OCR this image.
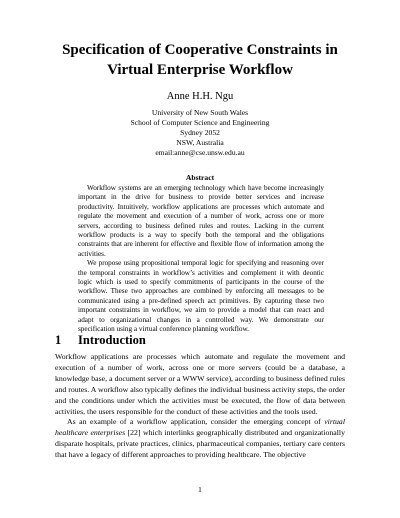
Specification of Cooperative Constraints in
Virtual Enterprise Workflow
Anne H.H. Ngu
University of New South Wales
School of Computer Science and Engineering
Sydney 2052
NSW, Australia
email:anne@cse.unsw.edu.au
Abstract

Workflow systems are an emerging technology which have become increasingly important in the drive for business to provide better services and increase productivity. Intuitively, workflow applications are processes which automate and regulate the movement and execution of a number of work, across one or more servers, according to business defined rules and routes. Lacking in the current workflow products is a way to specify both the temporal and the obligations constraints that are inherent for effective and flexible flow of information among the activities.

We propose using propositional temporal logic for specifying and reasoning over the temporal constraints in workflow’s activities and complement it with deontic logic which is used to specify commitments of participants in the course of the workflow. These two approaches are combined by enforcing all messages to be communicated using a pre-defined speech act primitives. By capturing these two important constraints in workflow, we aim to provide a model that can react and adapt to organizational changes in a controlled way. We demonstrate our specification using a virtual conference planning workflow.

1 Introduction

Workflow applications are processes which automate and regulate the movement and execution of a number of work, across one or more servers (could be a database, a knowledge base, a document server or a WWW service), according to business defined rules and routes. A workflow also typically defines the individual business activity steps, the order and the conditions under which the activities must be executed, the flow of data between activities, the users responsible for the conduct of these activities and the tools used.

As an example of a workflow application, consider the emerging concept of virtual healthcare enterprises [22] which interlinks geographically distributed and organizationally disparate hospitals, private practices, clinics, pharmaceutical companies, tertiary care centers that have a legacy of different approaches to providing healthcare. The objective

1
